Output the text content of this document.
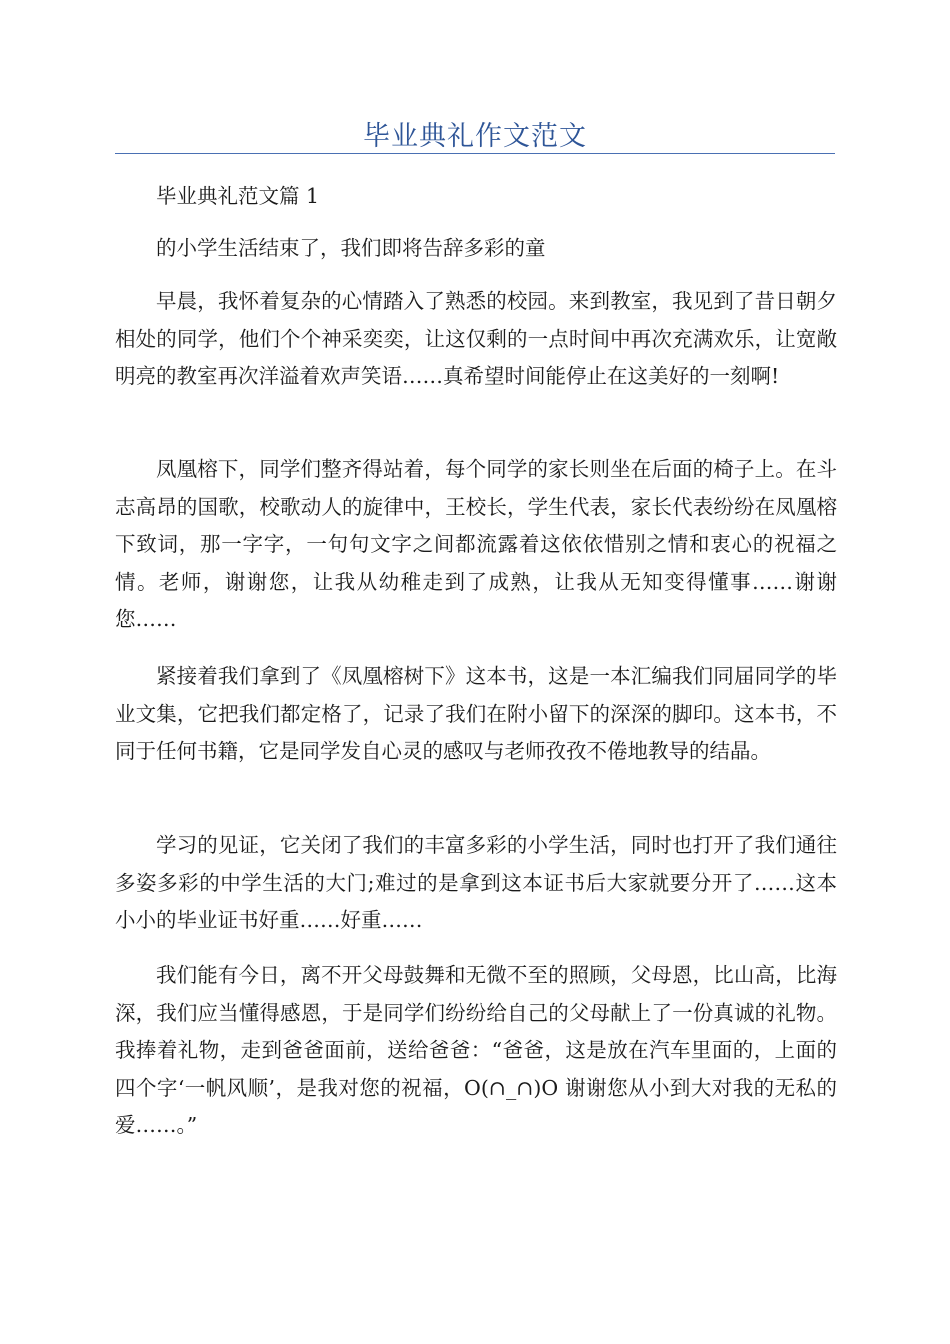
毕业典礼作文范文

毕业典礼范文篇 1

的小学生活结束了，我们即将告辞多彩的童

早晨，我怀着复杂的心情踏入了熟悉的校园。来到教室，我见到了昔日朝夕相处的同学，他们个个神采奕奕，让这仅剩的一点时间中再次充满欢乐，让宽敞明亮的教室再次洋溢着欢声笑语……真希望时间能停止在这美好的一刻啊!

凤凰榕下，同学们整齐得站着，每个同学的家长则坐在后面的椅子上。在斗志高昂的国歌，校歌动人的旋律中，王校长，学生代表，家长代表纷纷在凤凰榕下致词，那一字字，一句句文字之间都流露着这依依惜别之情和衷心的祝福之情。老师，谢谢您，让我从幼稚走到了成熟，让我从无知变得懂事……谢谢您……

紧接着我们拿到了《凤凰榕树下》这本书，这是一本汇编我们同届同学的毕业文集，它把我们都定格了，记录了我们在附小留下的深深的脚印。这本书，不同于任何书籍，它是同学发自心灵的感叹与老师孜孜不倦地教导的结晶。

学习的见证，它关闭了我们的丰富多彩的小学生活，同时也打开了我们通往多姿多彩的中学生活的大门;难过的是拿到这本证书后大家就要分开了……这本小小的毕业证书好重……好重……

我们能有今日，离不开父母鼓舞和无微不至的照顾，父母恩，比山高，比海深，我们应当懂得感恩，于是同学们纷纷给自己的父母献上了一份真诚的礼物。我捧着礼物，走到爸爸面前，送给爸爸：“爸爸，这是放在汽车里面的，上面的四个字‘一帆风顺’，是我对您的祝福，O(∩_∩)O 谢谢您从小到大对我的无私的爱……。”
